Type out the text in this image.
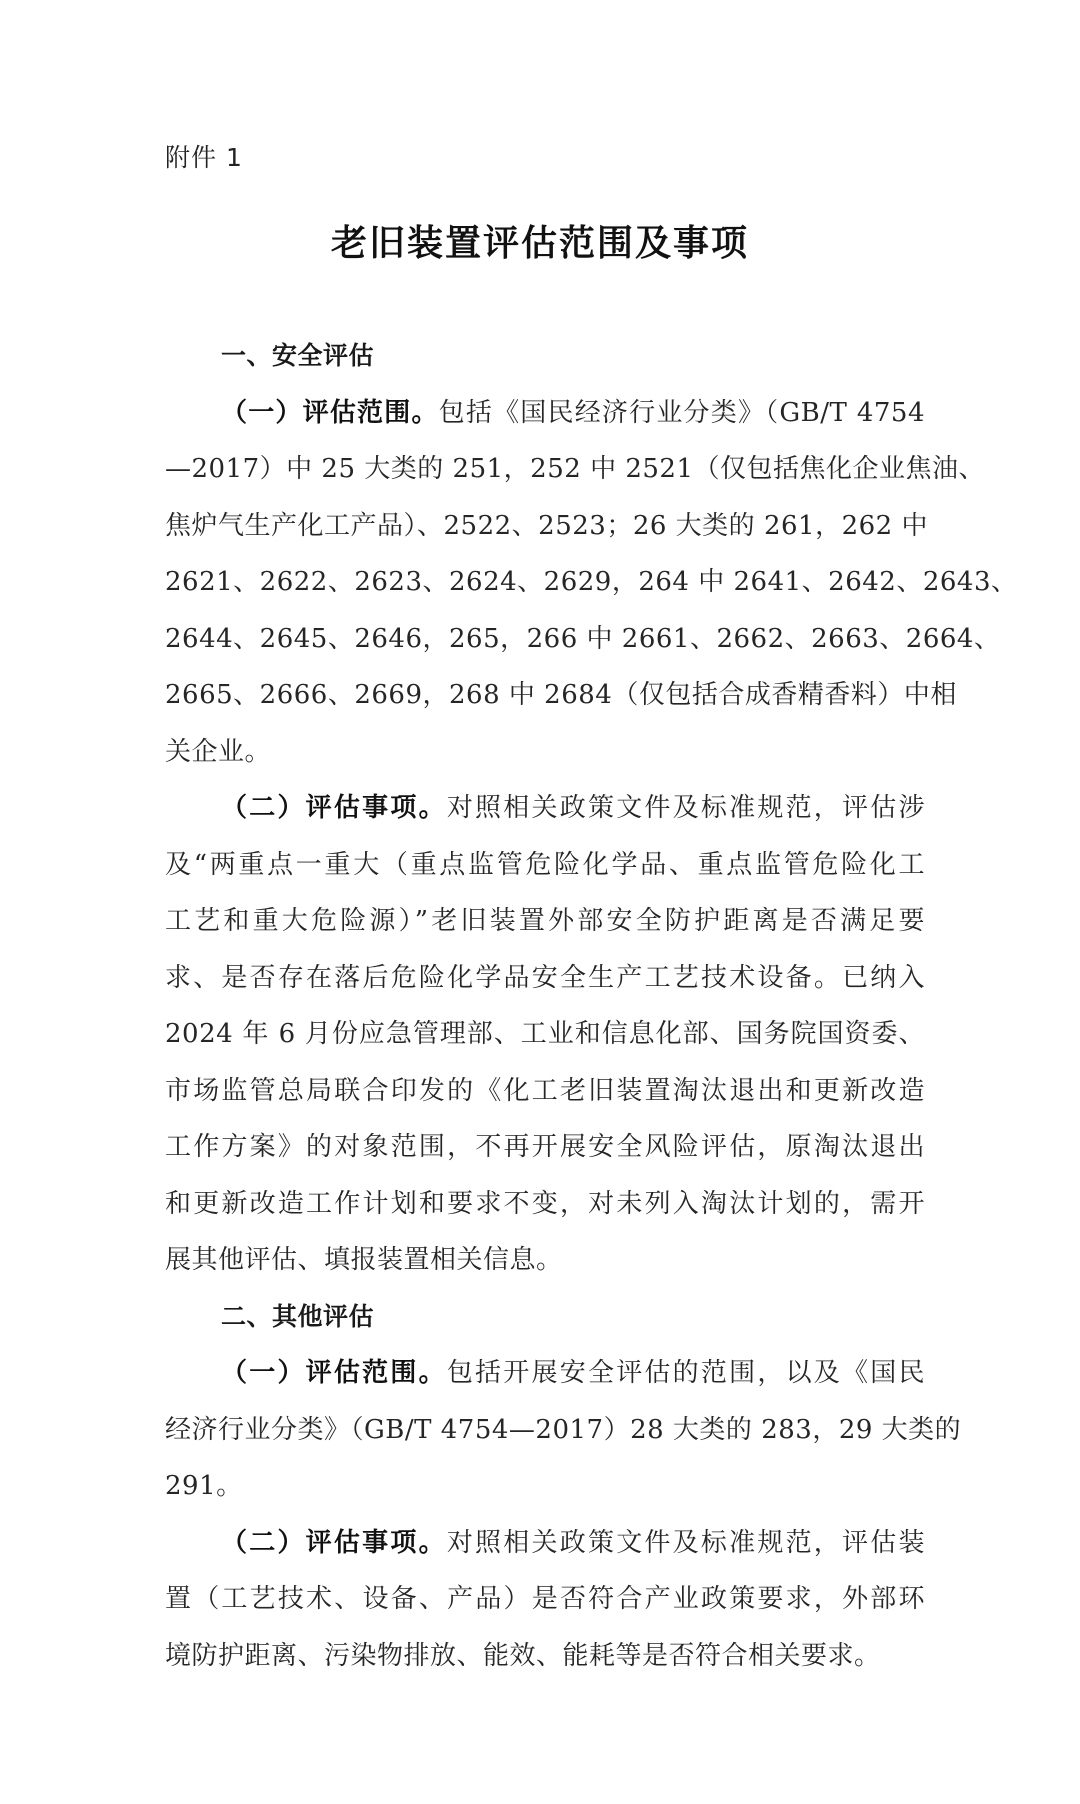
附件 1
老旧装置评估范围及事项
一、安全评估
（一）评估范围。包括《国民经济行业分类》（GB/T 4754
—2017）中 25 大类的 251，252 中 2521（仅包括焦化企业焦油、
焦炉气生产化工产品）、2522、2523；26 大类的 261，262 中
2621、2622、2623、2624、2629，264 中 2641、2642、2643、
2644、2645、2646，265，266 中 2661、2662、2663、2664、
2665、2666、2669，268 中 2684（仅包括合成香精香料）中相
关企业。
（二）评估事项。对照相关政策文件及标准规范，评估涉
及“两重点一重大（重点监管危险化学品、重点监管危险化工
工艺和重大危险源）”老旧装置外部安全防护距离是否满足要
求、是否存在落后危险化学品安全生产工艺技术设备。已纳入
2024 年 6 月份应急管理部、工业和信息化部、国务院国资委、
市场监管总局联合印发的《化工老旧装置淘汰退出和更新改造
工作方案》的对象范围，不再开展安全风险评估，原淘汰退出
和更新改造工作计划和要求不变，对未列入淘汰计划的，需开
展其他评估、填报装置相关信息。
二、其他评估
（一）评估范围。包括开展安全评估的范围，以及《国民
经济行业分类》（GB/T 4754—2017）28 大类的 283，29 大类的
291。
（二）评估事项。对照相关政策文件及标准规范，评估装
置（工艺技术、设备、产品）是否符合产业政策要求，外部环
境防护距离、污染物排放、能效、能耗等是否符合相关要求。
